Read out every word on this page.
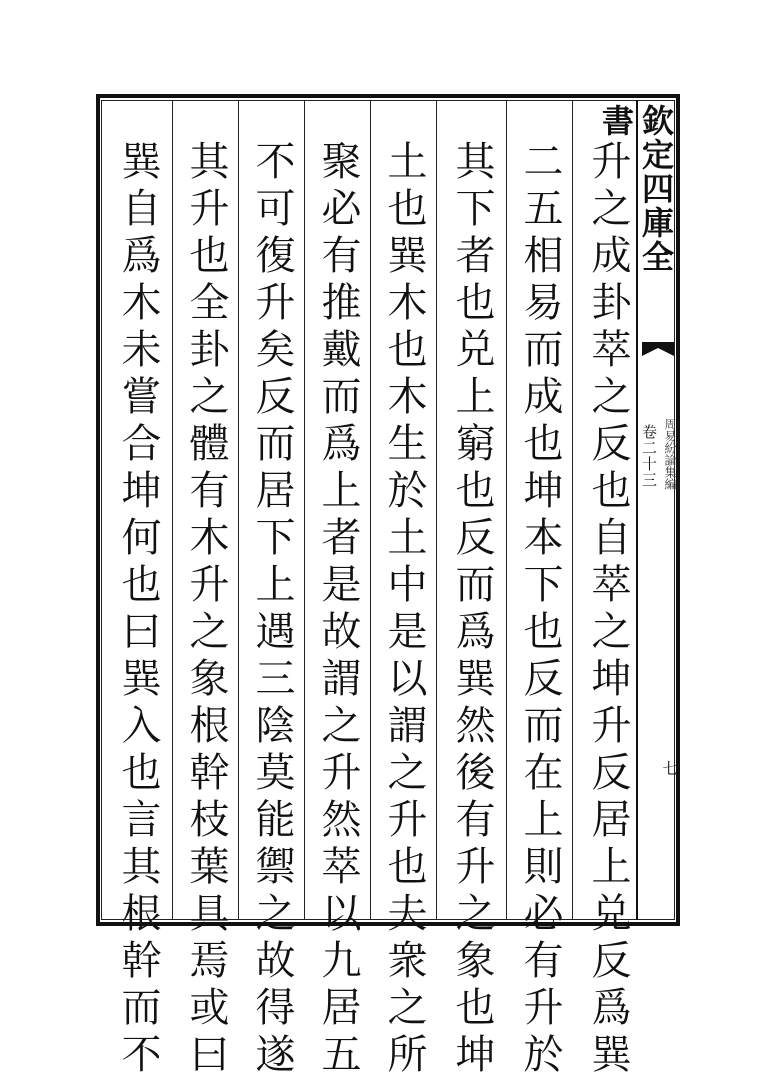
欽定四庫全書
卷二十三 周易紛論集編
七
升之成卦萃之反也自萃之坤升反居上兑反爲巽
二五相易而成也坤本下也反而在上則必有升於
其下者也兑上窮也反而爲巽然後有升之象也坤
土也巽木也木生於土中是以謂之升也夫衆之所
聚必有推戴而爲上者是故謂之升然萃以九居五
不可復升矣反而居下上遇三陰莫能禦之故得遂
其升也全卦之體有木升之象根幹枝葉具焉或曰
巽自爲木未嘗合坤何也曰巽入也言其根幹而不
